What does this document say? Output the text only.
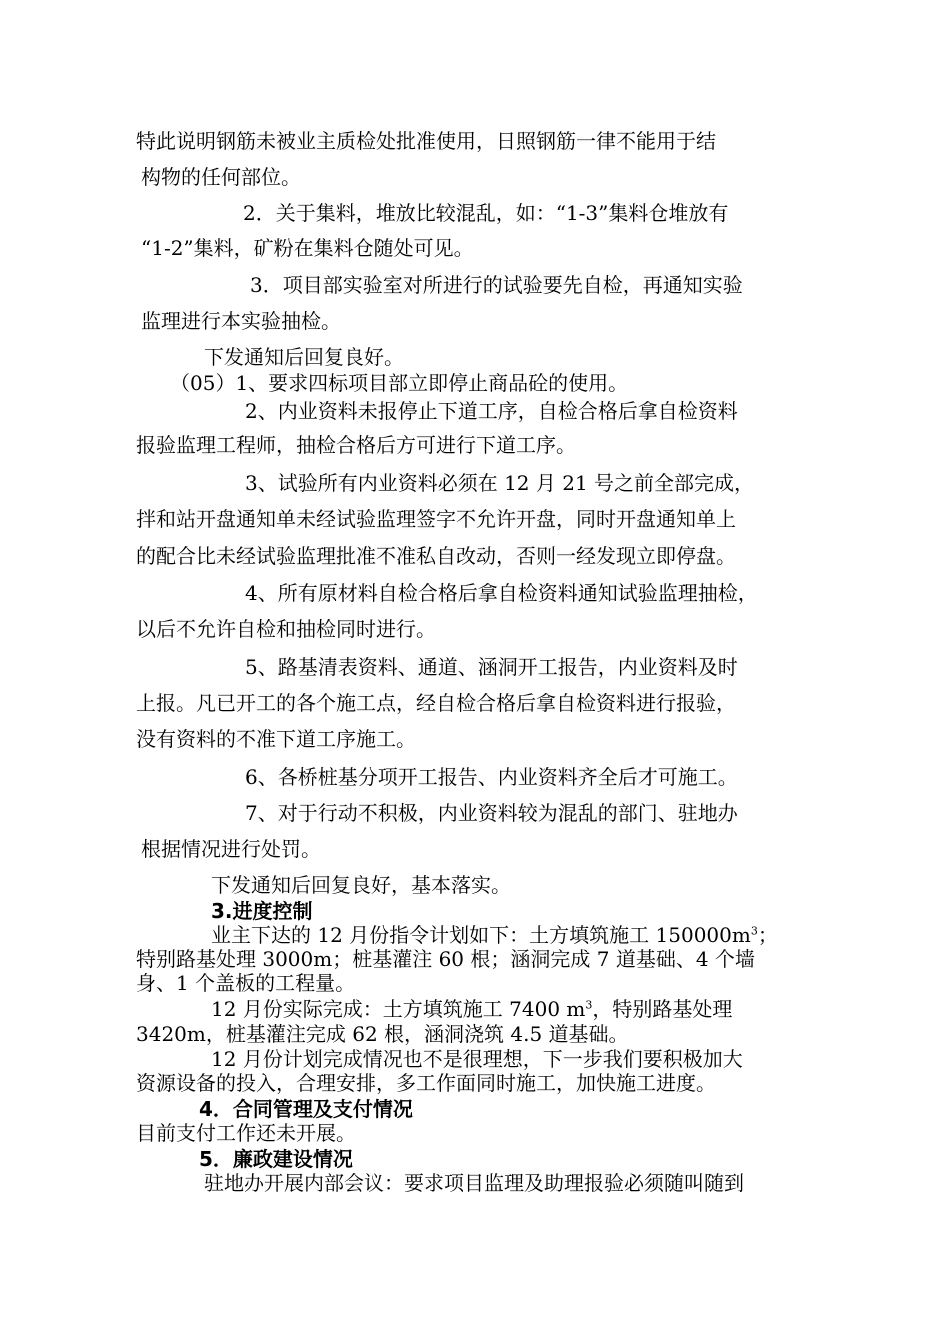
特此说明钢筋未被业主质检处批准使用，日照钢筋一律不能用于结
构物的任何部位。
2．关于集料，堆放比较混乱，如：“1-3”集料仓堆放有
“1-2”集料，矿粉在集料仓随处可见。
3．项目部实验室对所进行的试验要先自检，再通知实验
监理进行本实验抽检。
下发通知后回复良好。
（05）1、要求四标项目部立即停止商品砼的使用。
2、内业资料未报停止下道工序，自检合格后拿自检资料
报验监理工程师，抽检合格后方可进行下道工序。
3、试验所有内业资料必须在 12 月 21 号之前全部完成，
拌和站开盘通知单未经试验监理签字不允许开盘，同时开盘通知单上
的配合比未经试验监理批准不准私自改动，否则一经发现立即停盘。
4、所有原材料自检合格后拿自检资料通知试验监理抽检，
以后不允许自检和抽检同时进行。
5、路基清表资料、通道、涵洞开工报告，内业资料及时
上报。凡已开工的各个施工点，经自检合格后拿自检资料进行报验，
没有资料的不准下道工序施工。
6、各桥桩基分项开工报告、内业资料齐全后才可施工。
7、对于行动不积极，内业资料较为混乱的部门、驻地办
根据情况进行处罚。
下发通知后回复良好，基本落实。
3.进度控制
业主下达的 12 月份指令计划如下：土方填筑施工 $150000m^3$；
特别路基处理 3000m；桩基灌注 60 根；涵洞完成 7 道基础、4 个墙
身、1 个盖板的工程量。
12 月份实际完成：土方填筑施工 7400 $m^3$，特别路基处理
3420m，桩基灌注完成 62 根，涵洞浇筑 4.5 道基础。
12 月份计划完成情况也不是很理想，下一步我们要积极加大
资源设备的投入，合理安排，多工作面同时施工，加快施工进度。
4．合同管理及支付情况
目前支付工作还未开展。
5．廉政建设情况
驻地办开展内部会议：要求项目监理及助理报验必须随叫随到
